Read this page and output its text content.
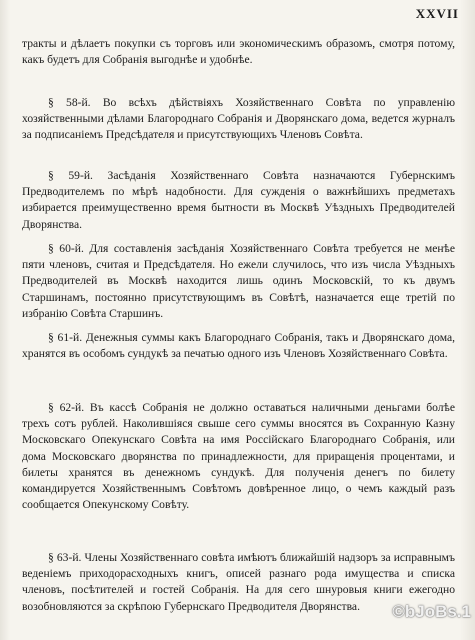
XXVII

тракты и дѣлаетъ покупки съ торговъ или экономическимъ образомъ, смотря потому, какъ будетъ для Собранія выгоднѣе и удобнѣе.

§ 58-й. Во всѣхъ дѣйствіяхъ Хозяйственнаго Совѣта по управленію хозяйственными дѣлами Благороднаго Собранія и Дворянскаго дома, ведется журналъ за подписаніемъ Предсѣдателя и присутствующихъ Членовъ Совѣта.

§ 59-й. Засѣданія Хозяйственнаго Совѣта назначаются Губернскимъ Предводителемъ по мѣрѣ надобности. Для сужденія о важнѣйшихъ предметахъ избирается преимущественно время бытности въ Москвѣ Уѣздныхъ Предводителей Дворянства.

§ 60-й. Для составленія засѣданія Хозяйственнаго Совѣта требуется не менѣе пяти членовъ, считая и Предсѣдателя. Но ежели случилось, что изъ числа Уѣздныхъ Предводителей въ Москвѣ находится лишь одинъ Московскій, то къ двумъ Старшинамъ, постоянно присутствующимъ въ Совѣтѣ, назначается еще третій по избранію Совѣта Старшинъ.

§ 61-й. Денежныя суммы какъ Благороднаго Собранія, такъ и Дворянскаго дома, хранятся въ особомъ сундукѣ за печатью одного изъ Членовъ Хозяйственнаго Совѣта.

§ 62-й. Въ кассѣ Собранія не должно оставаться наличными деньгами болѣе трехъ сотъ рублей. Наколившіяся свыше сего суммы вносятся въ Сохранную Казну Московскаго Опекунскаго Совѣта на имя Россійскаго Благороднаго Собранія, или дома Московскаго дворянства по принадлежности, для приращенія процентами, и билеты хранятся въ денежномъ сундукѣ. Для полученія денегъ по билету командируется Хозяйственнымъ Совѣтомъ довѣренное лицо, о чемъ каждый разъ сообщается Опекунскому Совѣту.

§ 63-й. Члены Хозяйственнаго совѣта имѣютъ ближайшій надзоръ за исправнымъ веденіемъ приходорасходныхъ книгъ, описей разнаго рода имущества и списка членовъ, посѣтителей и гостей Собранія. На для сего шнуровыя книги ежегодно возобновляются за скрѣпою Губернскаго Предводителя Дворянства.	©bJoBs.1
